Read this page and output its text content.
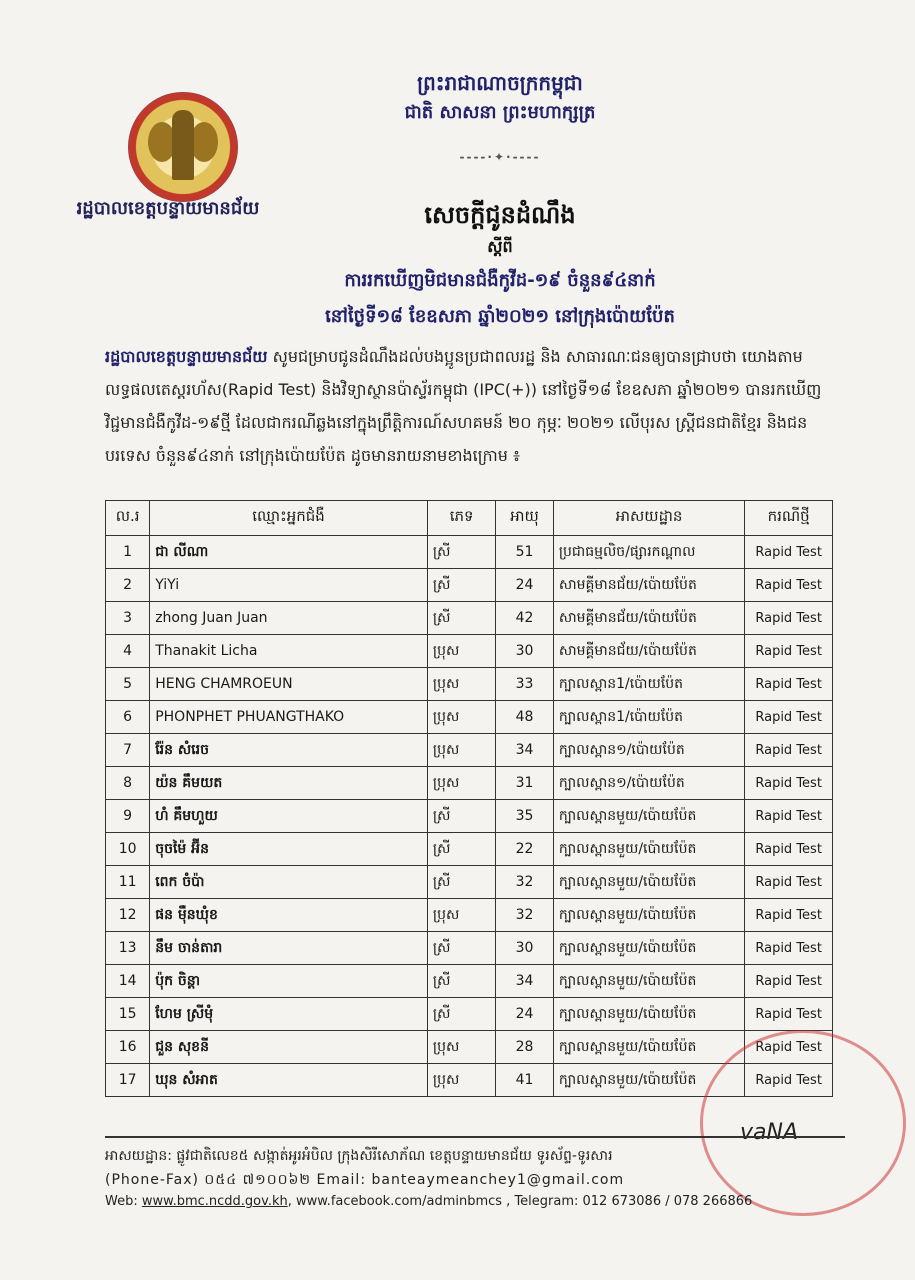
រដ្ឋបាលខេត្តបន្ទាយមានជ័យ
ព្រះរាជាណាចក្រកម្ពុជា
ជាតិ សាសនា ព្រះមហាក្សត្រ
----·✦·----
សេចក្តីជូនដំណឹង
ស្តីពី
ការរកឃើញមិជមានជំងឺកូវីដ-១៩ ចំនួន៩៤នាក់
នៅថ្ងៃទី១៨ ខែឧសភា ឆ្នាំ២០២១ នៅក្រុងប៉ោយប៉ែត
រដ្ឋបាលខេត្តបន្ទាយមានជ័យ សូមជម្រាបជូនដំណឹងដល់បងប្អូនប្រជាពលរដ្ឋ និង សាធារណៈជនឲ្យបានជ្រាបថា យោងតាមលទ្ធផលតេស្តរហ័ស(Rapid Test) និងវិទ្យាស្ថានប៉ាស្ទ័រកម្ពុជា (IPC(+)) នៅថ្ងៃទី១៨ ខែឧសភា ឆ្នាំ២០២១ បានរកឃើញវិជ្ជមានជំងឺកូវីដ-១៩ថ្មី ដែលជាករណីឆ្លងនៅក្នុងព្រឹត្តិការណ៍សហគមន៍ ២០ កុម្ភៈ ២០២១ លើបុរស ស្ត្រីជនជាតិខ្មែរ និងជនបរទេស ចំនួន៩៤នាក់ នៅក្រុងប៉ោយប៉ែត ដូចមានរាយនាមខាងក្រោម ៖
ល.រ	ឈ្មោះអ្នកជំងឺ	ភេទ	អាយុ	អាសយដ្ឋាន	ករណីថ្មី
1	ជា លីណា	ស្រី	51	ប្រជាធម្មលិច/ផ្សារកណ្ដាល	Rapid Test
2	YiYi	ស្រី	24	សាមគ្គីមានជ័យ/ប៉ោយប៉ែត	Rapid Test
3	zhong Juan Juan	ស្រី	42	សាមគ្គីមានជ័យ/ប៉ោយប៉ែត	Rapid Test
4	Thanakit Licha	ប្រុស	30	សាមគ្គីមានជ័យ/ប៉ោយប៉ែត	Rapid Test
5	HENG CHAMROEUN	ប្រុស	33	ក្បាលស្ពាន1/ប៉ោយប៉ែត	Rapid Test
6	PHONPHET PHUANGTHAKO	ប្រុស	48	ក្បាលស្ពាន1/ប៉ោយប៉ែត	Rapid Test
7	រ៉ែន សំរេច	ប្រុស	34	ក្បាលស្ពាន១/ប៉ោយប៉ែត	Rapid Test
8	យ៉ន គឹមយត	ប្រុស	31	ក្បាលស្ពាន១/ប៉ោយប៉ែត	Rapid Test
9	ហំ គឹមហួយ	ស្រី	35	ក្បាលស្ពានមួយ/ប៉ោយប៉ែត	Rapid Test
10	ចុចម៉ៃ អ៊ីន	ស្រី	22	ក្បាលស្ពានមួយ/ប៉ោយប៉ែត	Rapid Test
11	ពេក ចំប៉ា	ស្រី	32	ក្បាលស្ពានមួយ/ប៉ោយប៉ែត	Rapid Test
12	ផន ម៉ឺនឃុំខ	ប្រុស	32	ក្បាលស្ពានមួយ/ប៉ោយប៉ែត	Rapid Test
13	នឹម ចាន់តារា	ស្រី	30	ក្បាលស្ពានមួយ/ប៉ោយប៉ែត	Rapid Test
14	ប៉ុក ចិន្តា	ស្រី	34	ក្បាលស្ពានមួយ/ប៉ោយប៉ែត	Rapid Test
15	ហែម ស្រីមុំ	ស្រី	24	ក្បាលស្ពានមួយ/ប៉ោយប៉ែត	Rapid Test
16	ជួន សុខនី	ប្រុស	28	ក្បាលស្ពានមួយ/ប៉ោយប៉ែត	Rapid Test
17	ឃុន សំអាត	ប្រុស	41	ក្បាលស្ពានមួយ/ប៉ោយប៉ែត	Rapid Test
vaNA
អាសយដ្ឋាន: ផ្លូវជាតិលេខ៥ សង្កាត់អូរអំបិល ក្រុងសិរីសោភ័ណ ខេត្តបន្ទាយមានជ័យ ទូរស័ព្ទ-ទូរសារ
(Phone-Fax) ០៥៤ ៧១០០៦២ Email: banteaymeanchey1@gmail.com
Web: www.bmc.ncdd.gov.kh, www.facebook.com/adminbmcs , Telegram: 012 673086 / 078 266866
